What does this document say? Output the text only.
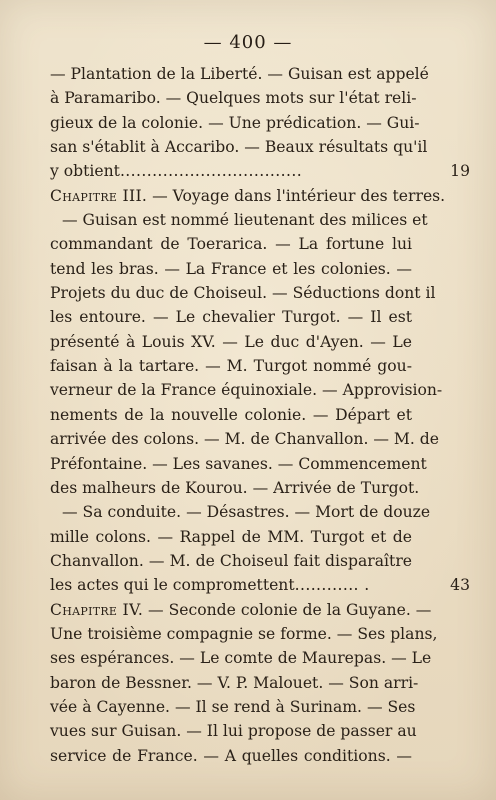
— 400 —
— Plantation de la Liberté. — Guisan est appelé
à Paramaribo. — Quelques mots sur l'état reli-
gieux de la colonie. — Une prédication. — Gui-
san s'établit à Accaribo. — Beaux résultats qu'il
y obtient..................................	19
Chapitre III. — Voyage dans l'intérieur des terres.
— Guisan est nommé lieutenant des milices et
commandant de Toerarica. — La fortune lui
tend les bras. — La France et les colonies. —
Projets du duc de Choiseul. — Séductions dont il
les entoure. — Le chevalier Turgot. — Il est
présenté à Louis XV. — Le duc d'Ayen. — Le
faisan à la tartare. — M. Turgot nommé gou-
verneur de la France équinoxiale. — Approvision-
nements de la nouvelle colonie. — Départ et
arrivée des colons. — M. de Chanvallon. — M. de
Préfontaine. — Les savanes. — Commencement
des malheurs de Kourou. — Arrivée de Turgot.
— Sa conduite. — Désastres. — Mort de douze
mille colons. — Rappel de MM. Turgot et de
Chanvallon. — M. de Choiseul fait disparaître
les actes qui le compromettent............ .	43
Chapitre IV. — Seconde colonie de la Guyane. —
Une troisième compagnie se forme. — Ses plans,
ses espérances. — Le comte de Maurepas. — Le
baron de Bessner. — V. P. Malouet. — Son arri-
vée à Cayenne. — Il se rend à Surinam. — Ses
vues sur Guisan. — Il lui propose de passer au
service de France. — A quelles conditions. —
